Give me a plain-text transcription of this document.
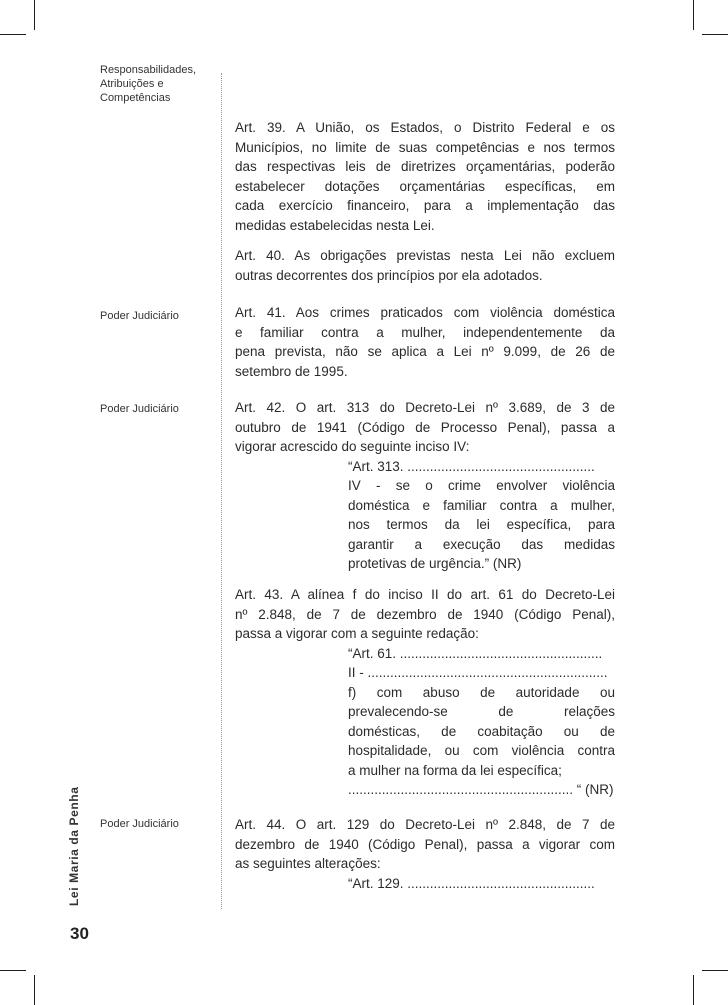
Responsabilidades,
Atribuições e
Competências
Poder Judiciário
Poder Judiciário
Poder Judiciário
Lei Maria da Penha
30
Art. 39. A União, os Estados, o Distrito Federal e os
Municípios, no limite de suas competências e nos termos
das respectivas leis de diretrizes orçamentárias, poderão
estabelecer dotações orçamentárias específicas, em
cada exercício financeiro, para a implementação das
medidas estabelecidas nesta Lei.
Art. 40. As obrigações previstas nesta Lei não excluem
outras decorrentes dos princípios por ela adotados.
Art. 41. Aos crimes praticados com violência doméstica
e familiar contra a mulher, independentemente da
pena prevista, não se aplica a Lei nº 9.099, de 26 de
setembro de 1995.
Art. 42. O art. 313 do Decreto-Lei nº 3.689, de 3 de
outubro de 1941 (Código de Processo Penal), passa a
vigorar acrescido do seguinte inciso IV:
“Art. 313. ..................................................
IV - se o crime envolver violência
doméstica e familiar contra a mulher,
nos termos da lei específica, para
garantir a execução das medidas
protetivas de urgência.” (NR)
Art. 43. A alínea f do inciso II do art. 61 do Decreto-Lei
nº 2.848, de 7 de dezembro de 1940 (Código Penal),
passa a vigorar com a seguinte redação:
“Art. 61. ......................................................
II - ................................................................
f) com abuso de autoridade ou
prevalecendo-se de relações
domésticas, de coabitação ou de
hospitalidade, ou com violência contra
a mulher na forma da lei específica;
............................................................ “ (NR)
Art. 44. O art. 129 do Decreto-Lei nº 2.848, de 7 de
dezembro de 1940 (Código Penal), passa a vigorar com
as seguintes alterações:
“Art. 129. ..................................................
